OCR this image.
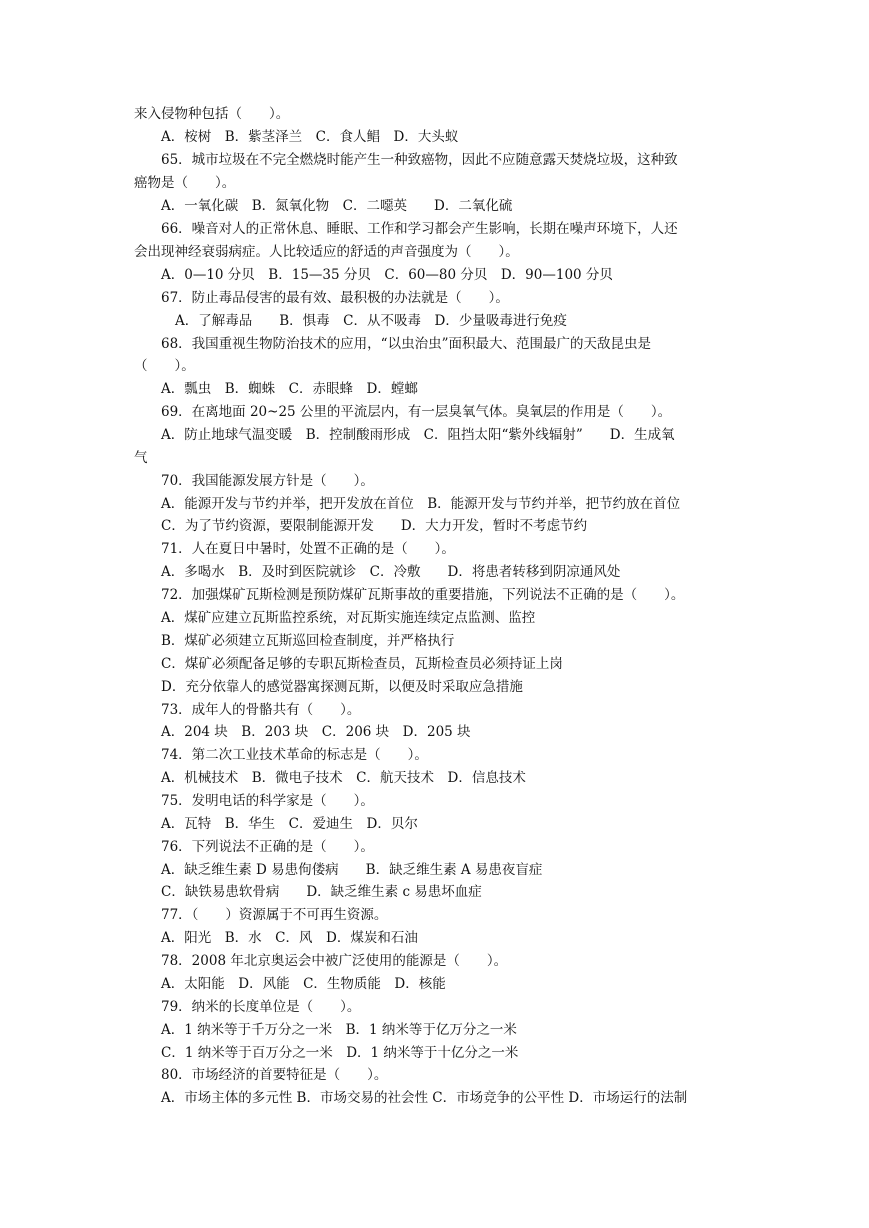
来入侵物种包括（　　）。
A．桉树　B．紫茎泽兰　C．食人鲳　D．大头蚁
65．城市垃圾在不完全燃烧时能产生一种致癌物，因此不应随意露天焚烧垃圾，这种致
癌物是（　　）。
A．一氧化碳　B．氮氧化物　C．二噁英　　D．二氧化硫
66．噪音对人的正常休息、睡眠、工作和学习都会产生影响，长期在噪声环境下，人还
会出现神经衰弱病症。人比较适应的舒适的声音强度为（　　）。
A．0—10 分贝　B．15—35 分贝　C．60—80 分贝　D．90—100 分贝
67．防止毒品侵害的最有效、最积极的办法就是（　　）。
A．了解毒品　　B．惧毒　C．从不吸毒　D．少量吸毒进行免疫
68．我国重视生物防治技术的应用，“以虫治虫”面积最大、范围最广的天敌昆虫是
（　　）。
A．瓢虫　B．蜘蛛　C．赤眼蜂　D．螳螂
69．在离地面 20~25 公里的平流层内，有一层臭氧气体。臭氧层的作用是（　　）。
A．防止地球气温变暖　B．控制酸雨形成　C．阻挡太阳“紫外线辐射”　　D．生成氧
气
70．我国能源发展方针是（　　）。
A．能源开发与节约并举，把开发放在首位　B．能源开发与节约并举，把节约放在首位
C．为了节约资源，要限制能源开发　　D．大力开发，暂时不考虑节约
71．人在夏日中暑时，处置不正确的是（　　）。
A．多喝水　B．及时到医院就诊　C．冷敷　　D．将患者转移到阴凉通风处
72．加强煤矿瓦斯检测是预防煤矿瓦斯事故的重要措施，下列说法不正确的是（　　）。
A．煤矿应建立瓦斯监控系统，对瓦斯实施连续定点监测、监控
B．煤矿必须建立瓦斯巡回检查制度，并严格执行
C．煤矿必须配备足够的专职瓦斯检查员，瓦斯检查员必须持证上岗
D．充分依靠人的感觉器寓探测瓦斯，以便及时采取应急措施
73．成年人的骨骼共有（　　）。
A．204 块　B．203 块　C．206 块　D．205 块
74．第二次工业技术革命的标志是（　　）。
A．机械技术　B．微电子技术　C．航天技术　D．信息技术
75．发明电话的科学家是（　　）。
A．瓦特　B．华生　C．爱迪生　D．贝尔
76．下列说法不正确的是（　　）。
A．缺乏维生素 D 易患佝偻病　　B．缺乏维生素 A 易患夜盲症
C．缺铁易患软骨病　　D．缺乏维生素 c 易患坏血症
77．（　　）资源属于不可再生资源。
A．阳光　B．水　C．风　D．煤炭和石油
78．2008 年北京奥运会中被广泛使用的能源是（　　）。
A．太阳能　D．风能　C．生物质能　D．核能
79．纳米的长度单位是（　　）。
A．1 纳米等于千万分之一米　B．1 纳米等于亿万分之一米
C．1 纳米等于百万分之一米　D．1 纳米等于十亿分之一米
80．市场经济的首要特征是（　　）。
A．市场主体的多元性 B．市场交易的社会性 C．市场竞争的公平性 D．市场运行的法制
